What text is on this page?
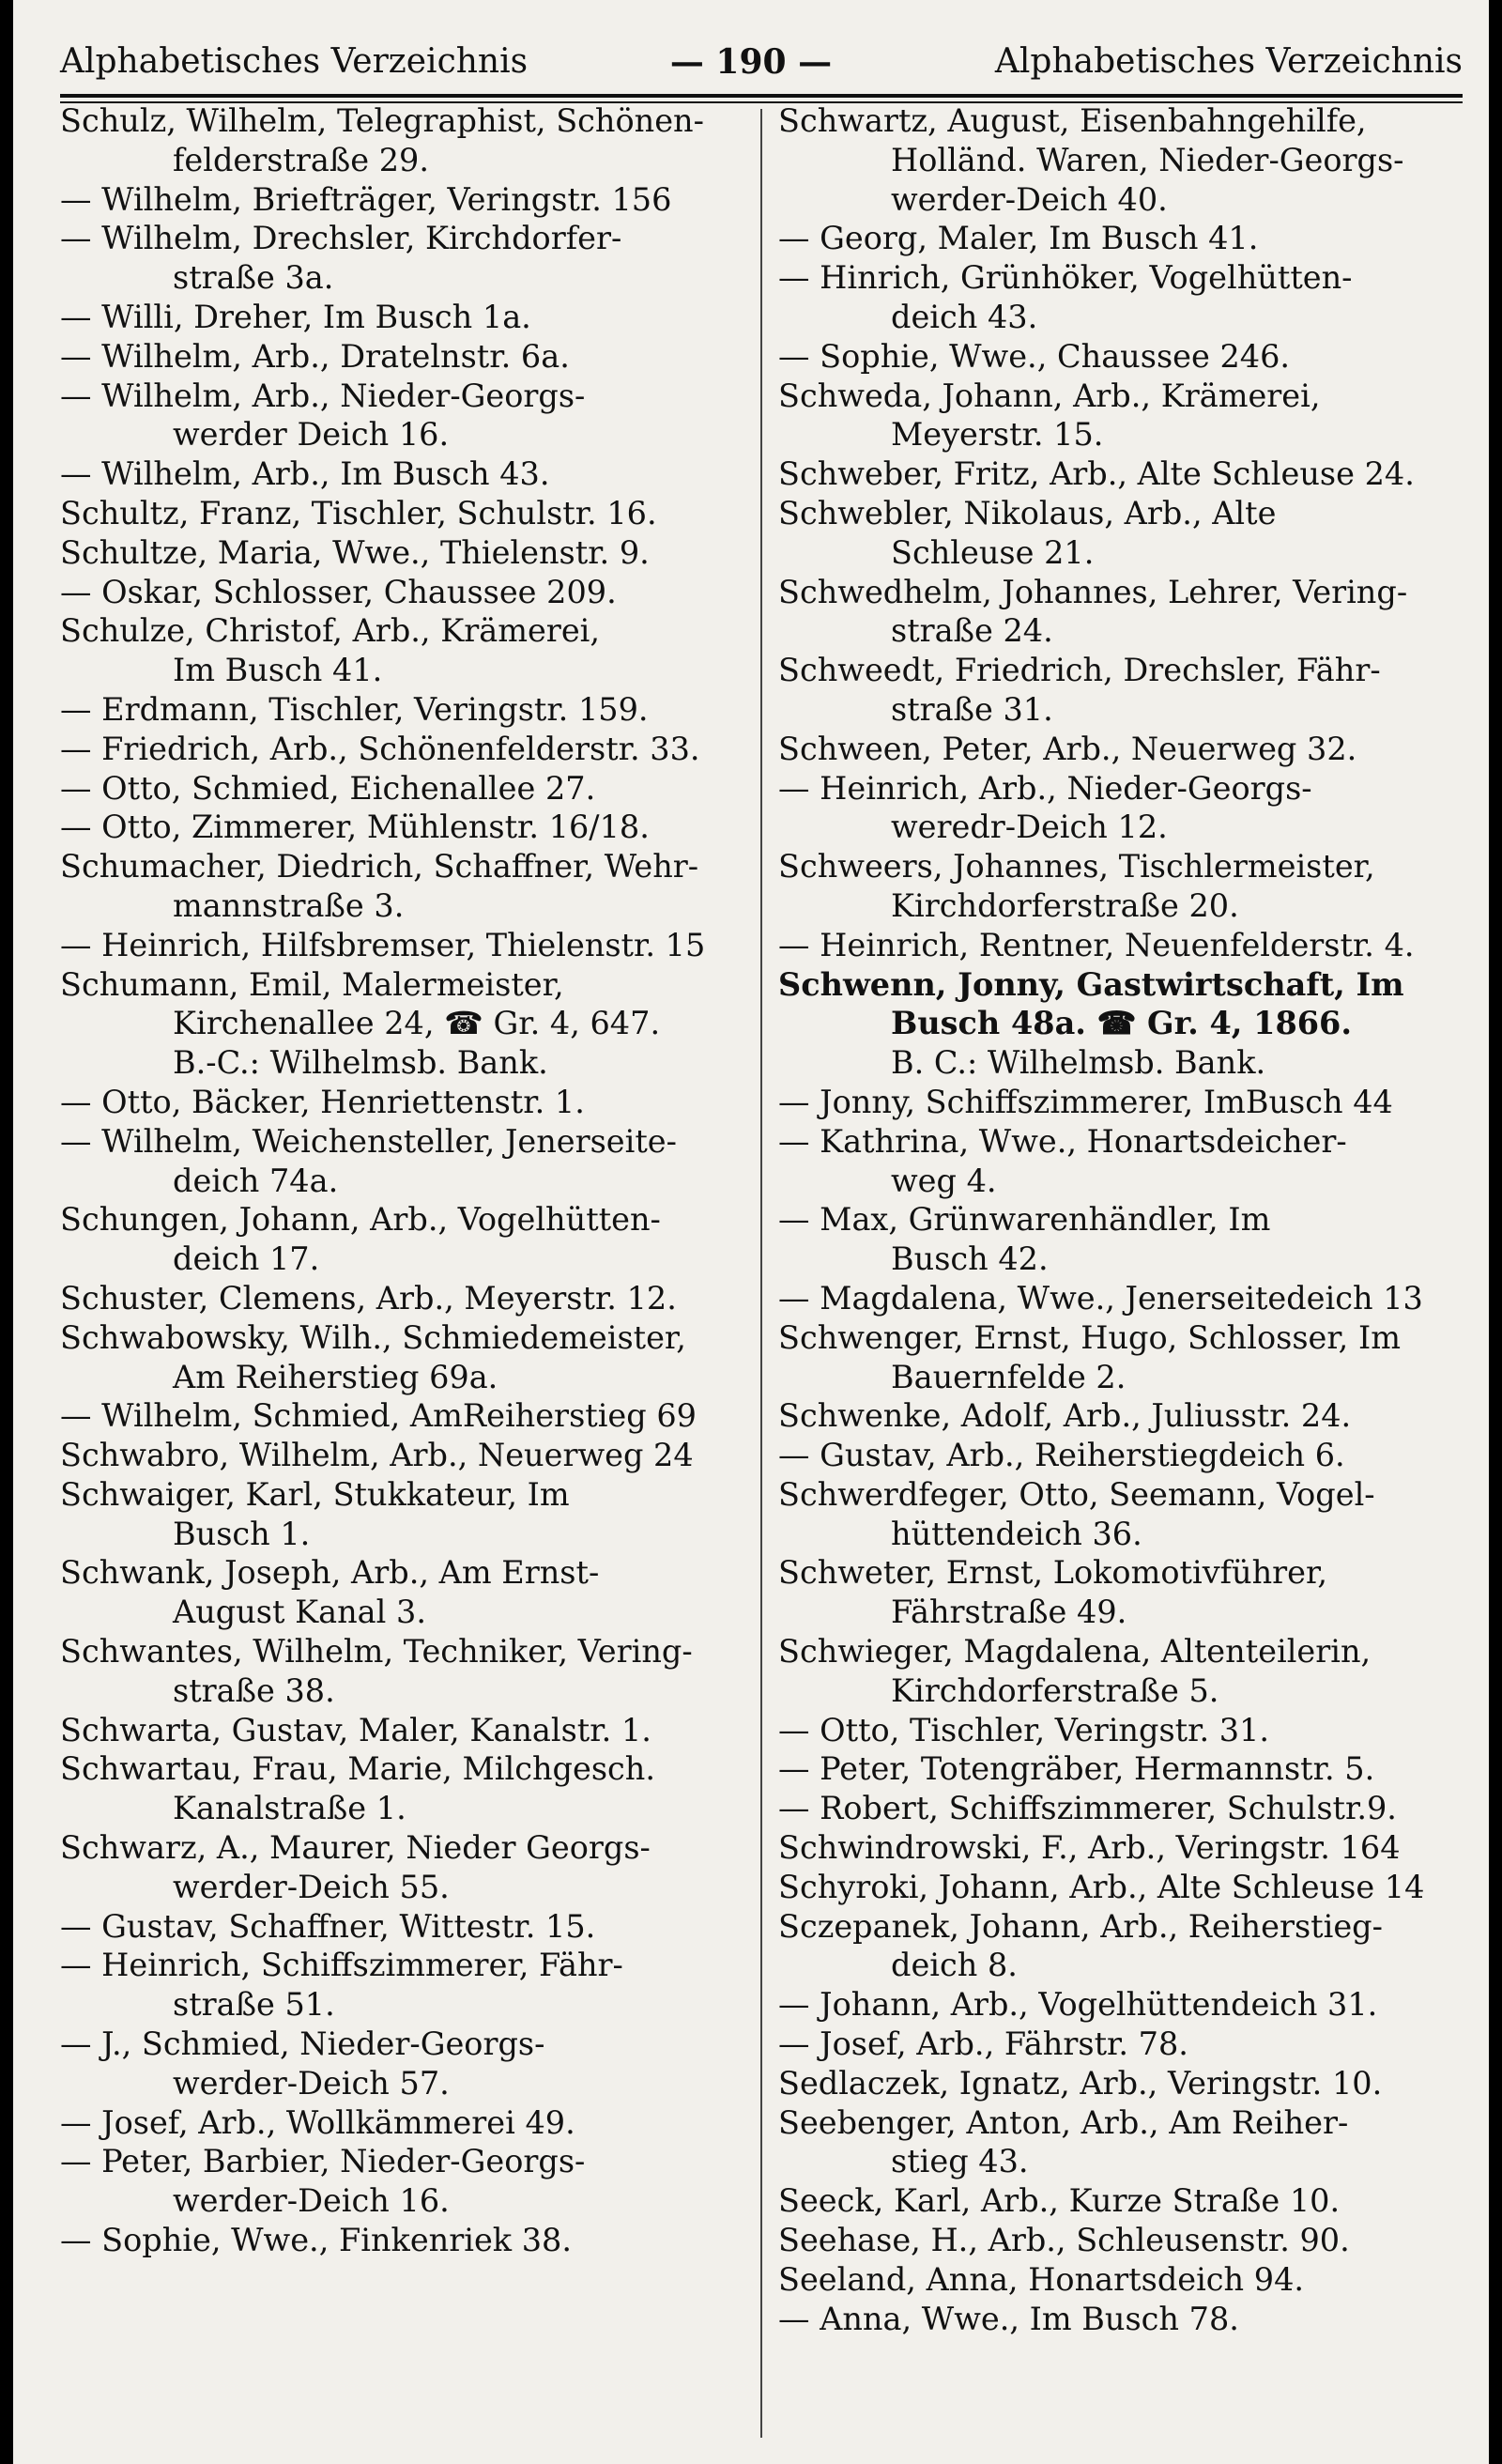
Alphabetisches Verzeichnis	— 190 —	Alphabetisches Verzeichnis
Schulz, Wilhelm, Telegraphist, Schönen-
felderstraße 29.
— Wilhelm, Briefträger, Veringstr. 156
— Wilhelm, Drechsler, Kirchdorfer-
straße 3a.
— Willi, Dreher, Im Busch 1a.
— Wilhelm, Arb., Dratelnstr. 6a.
— Wilhelm, Arb., Nieder-Georgs-
werder Deich 16.
— Wilhelm, Arb., Im Busch 43.
Schultz, Franz, Tischler, Schulstr. 16.
Schultze, Maria, Wwe., Thielenstr. 9.
— Oskar, Schlosser, Chaussee 209.
Schulze, Christof, Arb., Krämerei,
Im Busch 41.
— Erdmann, Tischler, Veringstr. 159.
— Friedrich, Arb., Schönenfelderstr. 33.
— Otto, Schmied, Eichenallee 27.
— Otto, Zimmerer, Mühlenstr. 16/18.
Schumacher, Diedrich, Schaffner, Wehr-
mannstraße 3.
— Heinrich, Hilfsbremser, Thielenstr. 15
Schumann, Emil, Malermeister,
Kirchenallee 24, ☎ Gr. 4, 647.
B.-C.: Wilhelmsb. Bank.
— Otto, Bäcker, Henriettenstr. 1.
— Wilhelm, Weichensteller, Jenerseite-
deich 74a.
Schungen, Johann, Arb., Vogelhütten-
deich 17.
Schuster, Clemens, Arb., Meyerstr. 12.
Schwabowsky, Wilh., Schmiedemeister,
Am Reiherstieg 69a.
— Wilhelm, Schmied, AmReiherstieg 69
Schwabro, Wilhelm, Arb., Neuerweg 24
Schwaiger, Karl, Stukkateur, Im
Busch 1.
Schwank, Joseph, Arb., Am Ernst-
August Kanal 3.
Schwantes, Wilhelm, Techniker, Vering-
straße 38.
Schwarta, Gustav, Maler, Kanalstr. 1.
Schwartau, Frau, Marie, Milchgesch.
Kanalstraße 1.
Schwarz, A., Maurer, Nieder Georgs-
werder-Deich 55.
— Gustav, Schaffner, Wittestr. 15.
— Heinrich, Schiffszimmerer, Fähr-
straße 51.
— J., Schmied, Nieder-Georgs-
werder-Deich 57.
— Josef, Arb., Wollkämmerei 49.
— Peter, Barbier, Nieder-Georgs-
werder-Deich 16.
— Sophie, Wwe., Finkenriek 38.
Schwartz, August, Eisenbahngehilfe,
Holländ. Waren, Nieder-Georgs-
werder-Deich 40.
— Georg, Maler, Im Busch 41.
— Hinrich, Grünhöker, Vogelhütten-
deich 43.
— Sophie, Wwe., Chaussee 246.
Schweda, Johann, Arb., Krämerei,
Meyerstr. 15.
Schweber, Fritz, Arb., Alte Schleuse 24.
Schwebler, Nikolaus, Arb., Alte
Schleuse 21.
Schwedhelm, Johannes, Lehrer, Vering-
straße 24.
Schweedt, Friedrich, Drechsler, Fähr-
straße 31.
Schween, Peter, Arb., Neuerweg 32.
— Heinrich, Arb., Nieder-Georgs-
weredr-Deich 12.
Schweers, Johannes, Tischlermeister,
Kirchdorferstraße 20.
— Heinrich, Rentner, Neuenfelderstr. 4.
Schwenn, Jonny, Gastwirtschaft, Im
Busch 48a. ☎ Gr. 4, 1866.
B. C.: Wilhelmsb. Bank.
— Jonny, Schiffszimmerer, ImBusch 44
— Kathrina, Wwe., Honartsdeicher-
weg 4.
— Max, Grünwarenhändler, Im
Busch 42.
— Magdalena, Wwe., Jenerseitedeich 13
Schwenger, Ernst, Hugo, Schlosser, Im
Bauernfelde 2.
Schwenke, Adolf, Arb., Juliusstr. 24.
— Gustav, Arb., Reiherstiegdeich 6.
Schwerdfeger, Otto, Seemann, Vogel-
hüttendeich 36.
Schweter, Ernst, Lokomotivführer,
Fährstraße 49.
Schwieger, Magdalena, Altenteilerin,
Kirchdorferstraße 5.
— Otto, Tischler, Veringstr. 31.
— Peter, Totengräber, Hermannstr. 5.
— Robert, Schiffszimmerer, Schulstr.9.
Schwindrowski, F., Arb., Veringstr. 164
Schyroki, Johann, Arb., Alte Schleuse 14
Sczepanek, Johann, Arb., Reiherstieg-
deich 8.
— Johann, Arb., Vogelhüttendeich 31.
— Josef, Arb., Fährstr. 78.
Sedlaczek, Ignatz, Arb., Veringstr. 10.
Seebenger, Anton, Arb., Am Reiher-
stieg 43.
Seeck, Karl, Arb., Kurze Straße 10.
Seehase, H., Arb., Schleusenstr. 90.
Seeland, Anna, Honartsdeich 94.
— Anna, Wwe., Im Busch 78.
